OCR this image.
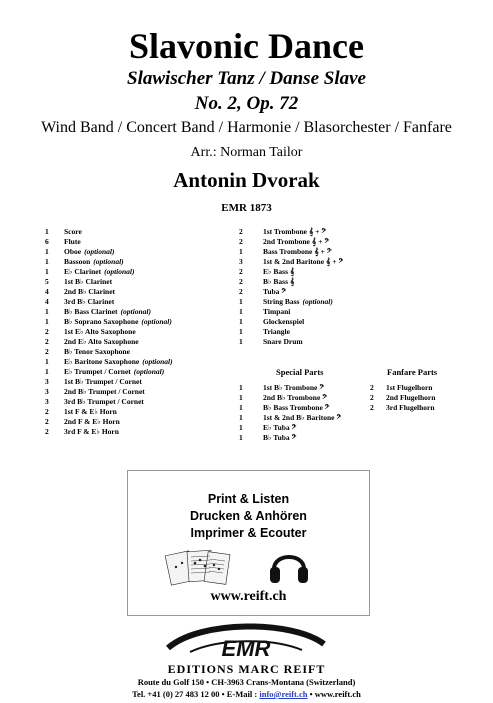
Slavonic Dance
Slawischer Tanz / Danse Slave
No. 2, Op. 72
Wind Band / Concert Band / Harmonie / Blasorchester / Fanfare
Arr.: Norman Tailor
Antonin Dvorak
EMR 1873
1	Score
6	Flute
1	Oboe (optional)
1	Bassoon (optional)
1	E♭ Clarinet (optional)
5	1st B♭ Clarinet
4	2nd B♭ Clarinet
4	3rd B♭ Clarinet
1	B♭ Bass Clarinet (optional)
1	B♭ Soprano Saxophone (optional)
2	1st E♭ Alto Saxophone
2	2nd E♭ Alto Saxophone
2	B♭ Tenor Saxophone
1	E♭ Baritone Saxophone (optional)
1	E♭ Trumpet / Cornet (optional)
3	1st B♭ Trumpet / Cornet
3	2nd B♭ Trumpet / Cornet
3	3rd B♭ Trumpet / Cornet
2	1st F & E♭ Horn
2	2nd F & E♭ Horn
2	3rd F & E♭ Horn
2	1st Trombone 𝄞 + 𝄢
2	2nd Trombone 𝄞 + 𝄢
1	Bass Trombone 𝄞 + 𝄢
3	1st & 2nd Baritone 𝄞 + 𝄢
2	E♭ Bass 𝄞
2	B♭ Bass 𝄞
2	Tuba 𝄢
1	String Bass (optional)
1	Timpani
1	Glockenspiel
1	Triangle
1	Snare Drum
Special Parts
1	1st B♭ Trombone 𝄢
1	2nd B♭ Trombone 𝄢
1	B♭ Bass Trombone 𝄢
1	1st & 2nd B♭ Baritone 𝄢
1	E♭ Tuba 𝄢
1	B♭ Tuba 𝄢
Fanfare Parts
2	1st Flugelhorn
2	2nd Flugelhorn
2	3rd Flugelhorn
Print & Listen
Drucken & Anhören
Imprimer & Ecouter
www.reift.ch
EMR
EDITIONS MARC REIFT
Route du Golf 150 • CH-3963 Crans-Montana (Switzerland)
Tel. +41 (0) 27 483 12 00 • E-Mail : info@reift.ch • www.reift.ch
